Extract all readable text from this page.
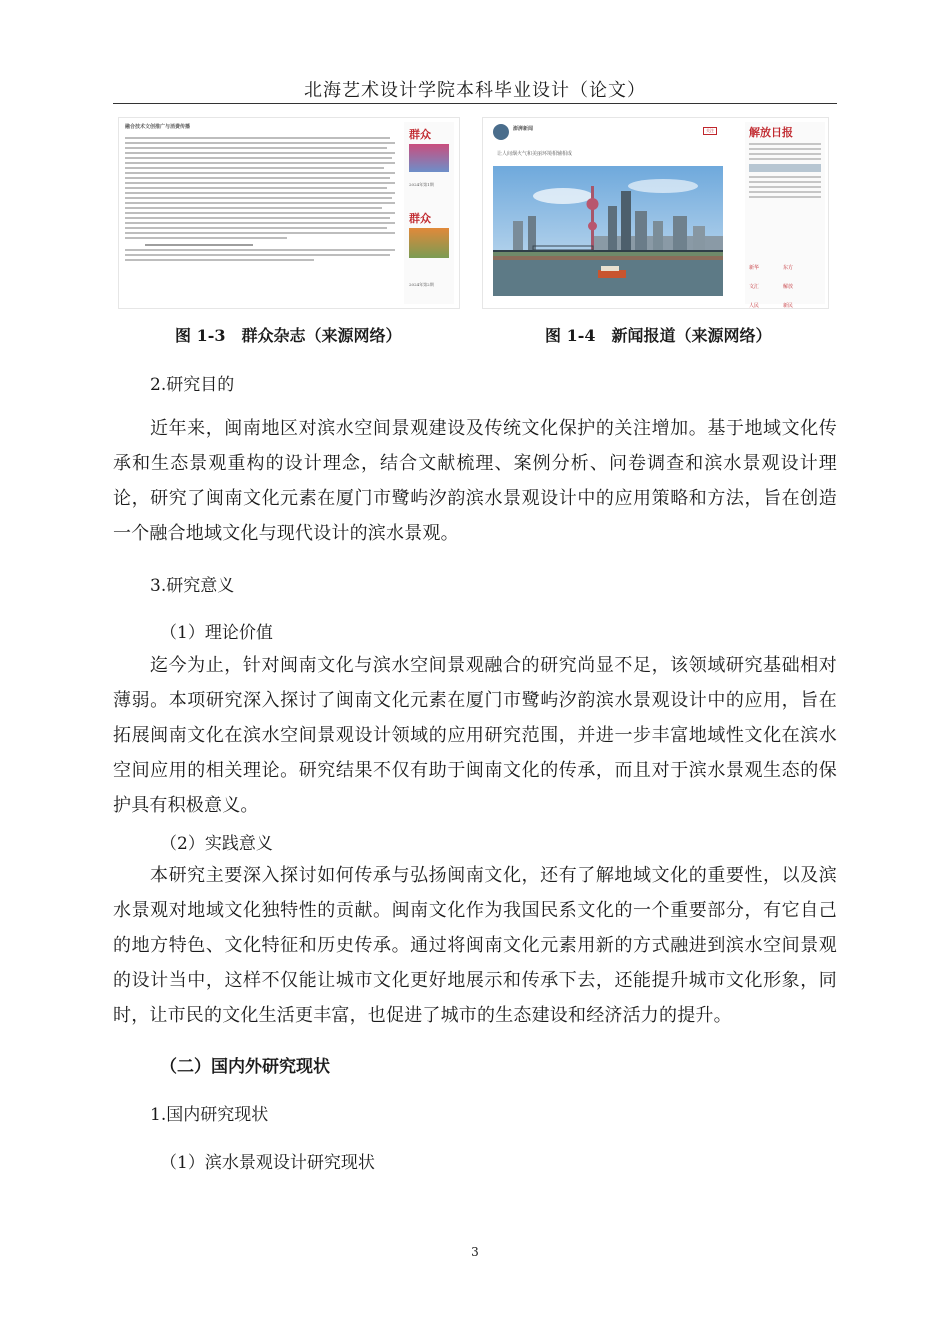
北海艺术设计学院本科毕业设计（论文）
融合技术文创推广与消费传播
群众
2024年第1期
群众
2024年第2期
澎湃新闻	关注
让人间烟火气和美丽环境相辅相成
解放日报
新华	东方 文汇	解放 人民	新民
图 1-3　群众杂志（来源网络）	图 1-4　新闻报道（来源网络）
2.研究目的
近年来，闽南地区对滨水空间景观建设及传统文化保护的关注增加。基于地域文化传承和生态景观重构的设计理念，结合文献梳理、案例分析、问卷调查和滨水景观设计理论，研究了闽南文化元素在厦门市鹭屿汐韵滨水景观设计中的应用策略和方法，旨在创造一个融合地域文化与现代设计的滨水景观。
3.研究意义
（1）理论价值
迄今为止，针对闽南文化与滨水空间景观融合的研究尚显不足，该领域研究基础相对薄弱。本项研究深入探讨了闽南文化元素在厦门市鹭屿汐韵滨水景观设计中的应用，旨在拓展闽南文化在滨水空间景观设计领域的应用研究范围，并进一步丰富地域性文化在滨水空间应用的相关理论。研究结果不仅有助于闽南文化的传承，而且对于滨水景观生态的保护具有积极意义。
（2）实践意义
本研究主要深入探讨如何传承与弘扬闽南文化，还有了解地域文化的重要性，以及滨水景观对地域文化独特性的贡献。闽南文化作为我国民系文化的一个重要部分，有它自己的地方特色、文化特征和历史传承。通过将闽南文化元素用新的方式融进到滨水空间景观的设计当中，这样不仅能让城市文化更好地展示和传承下去，还能提升城市文化形象，同时，让市民的文化生活更丰富，也促进了城市的生态建设和经济活力的提升。
（二）国内外研究现状
1.国内研究现状
（1）滨水景观设计研究现状
3
